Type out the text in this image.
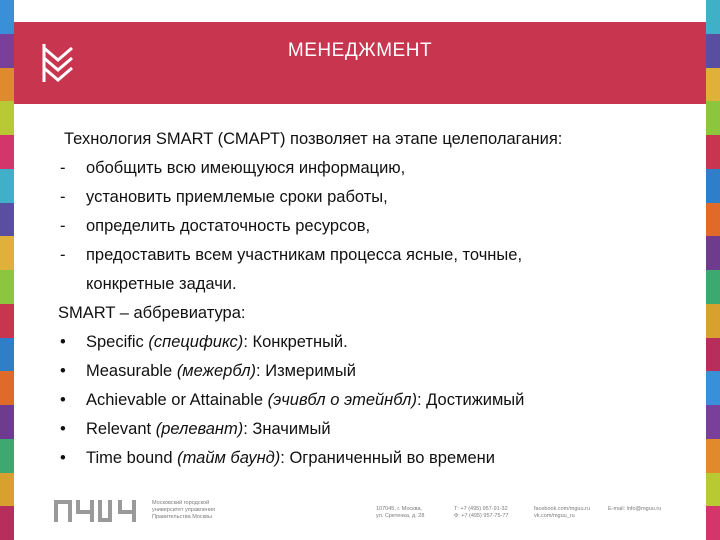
МЕНЕДЖМЕНТ
Технология SMART (СМАРТ) позволяет на этапе целеполагания:
- обобщить всю имеющуюся информацию,
- установить приемлемые сроки работы,
- определить достаточность ресурсов,
- предоставить всем участникам процесса ясные, точные,
конкретные задачи.
SMART – аббревиатура:
• Specific (спецификс): Конкретный.
• Measurable (межербл): Измеримый
• Achievable or Attainable (эчивбл о этейнбл): Достижимый
• Relevant (релевант): Значимый
• Time bound (тайм баунд): Ограниченный во времени
Московский городской
университет управления
Правительства Москвы
107045, г. Москва,
ул. Сретенка, д. 28
Т: +7 (495) 957-91-32
Ф: +7 (495) 957-75-77
facebook.com/mguu.ru
vk.com/mguu_ru
E-mail: info@mguu.ru
